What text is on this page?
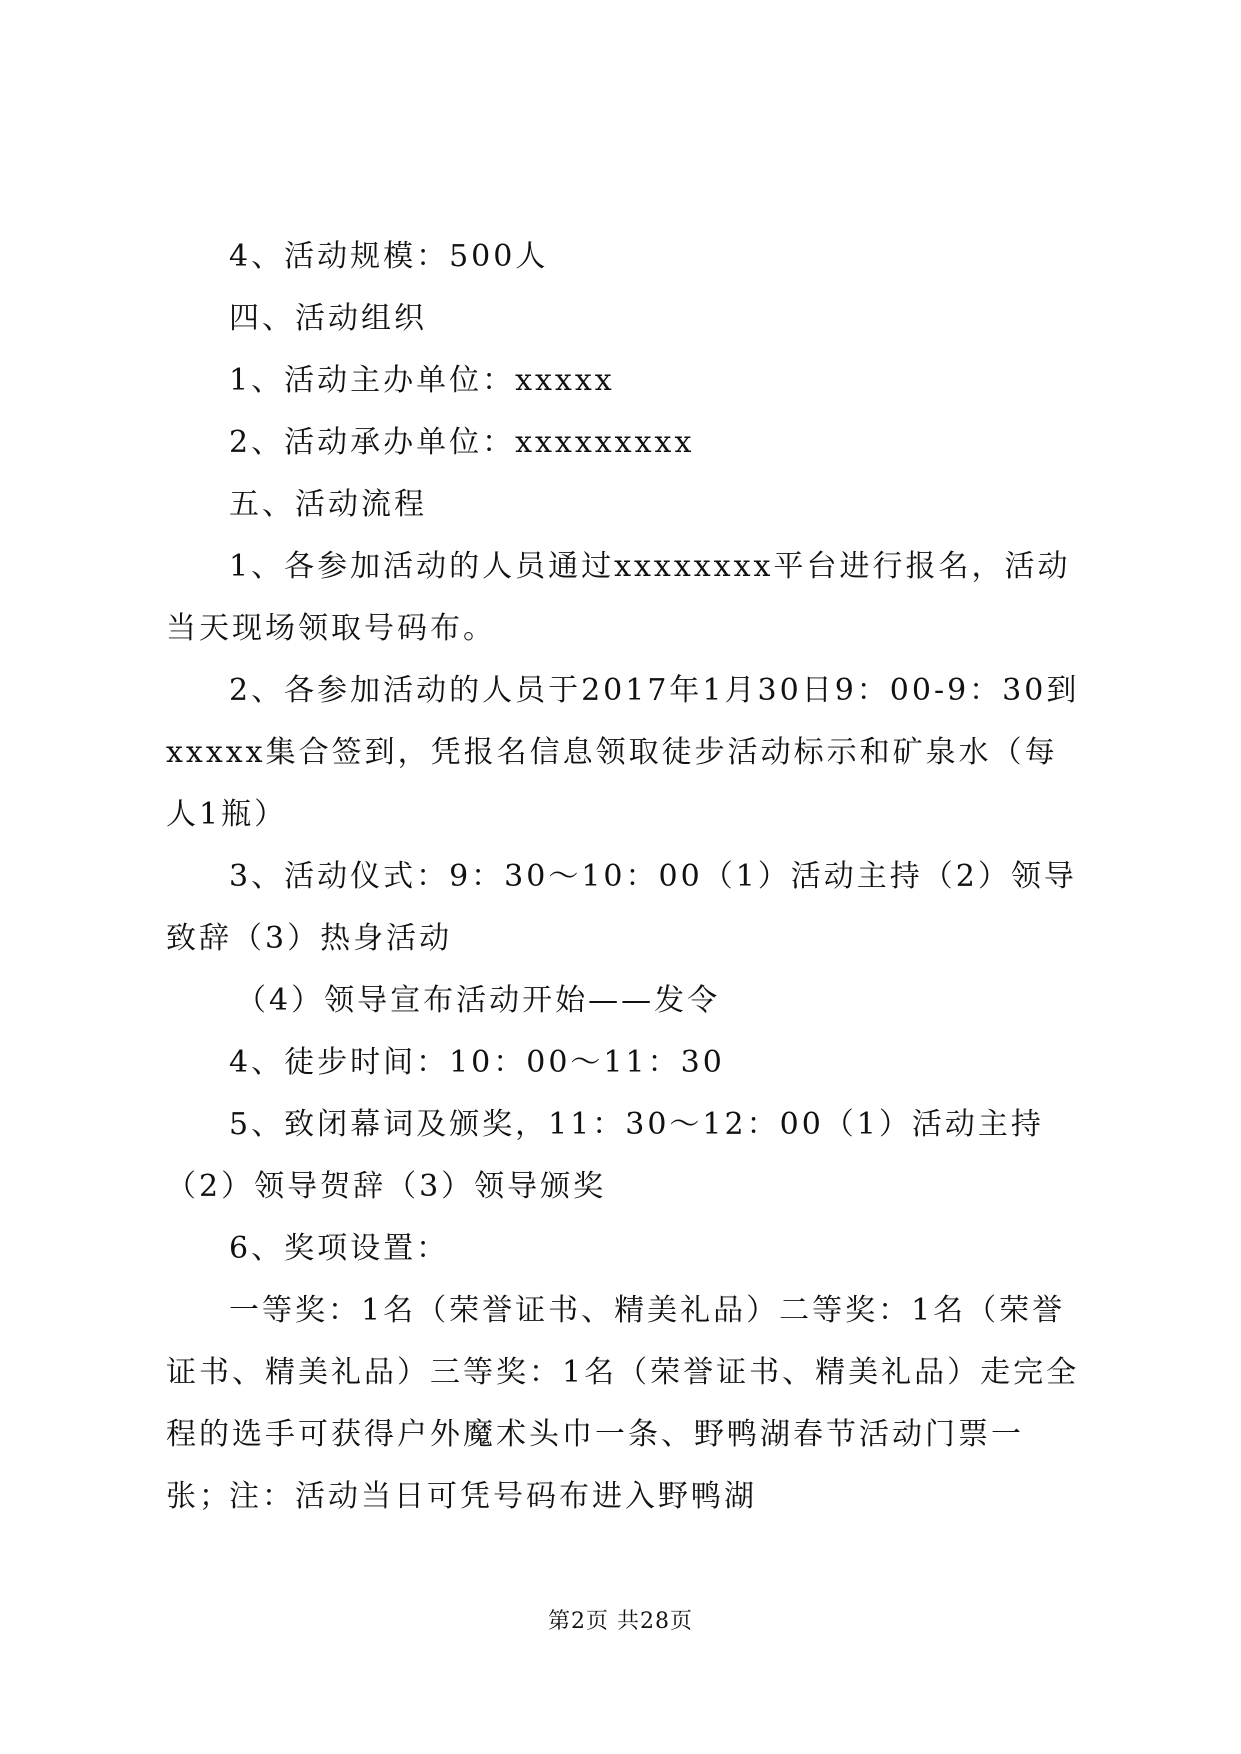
4、活动规模：500人
四、活动组织
1、活动主办单位：xxxxx
2、活动承办单位：xxxxxxxxx
五、活动流程
1、各参加活动的人员通过xxxxxxxx平台进行报名，活动当天现场领取号码布。
2、各参加活动的人员于2017年1月30日9：00-9：30到xxxxx集合签到，凭报名信息领取徒步活动标示和矿泉水（每人1瓶）
3、活动仪式：9：30～10：00（1）活动主持（2）领导致辞（3）热身活动
（4）领导宣布活动开始——发令
4、徒步时间：10：00～11：30
5、致闭幕词及颁奖，11：30～12：00（1）活动主持（2）领导贺辞（3）领导颁奖
6、奖项设置：
一等奖：1名（荣誉证书、精美礼品）二等奖：1名（荣誉证书、精美礼品）三等奖：1名（荣誉证书、精美礼品）走完全程的选手可获得户外魔术头巾一条、野鸭湖春节活动门票一张；
注：活动当日可凭号码布进入野鸭湖
第2页 共28页
